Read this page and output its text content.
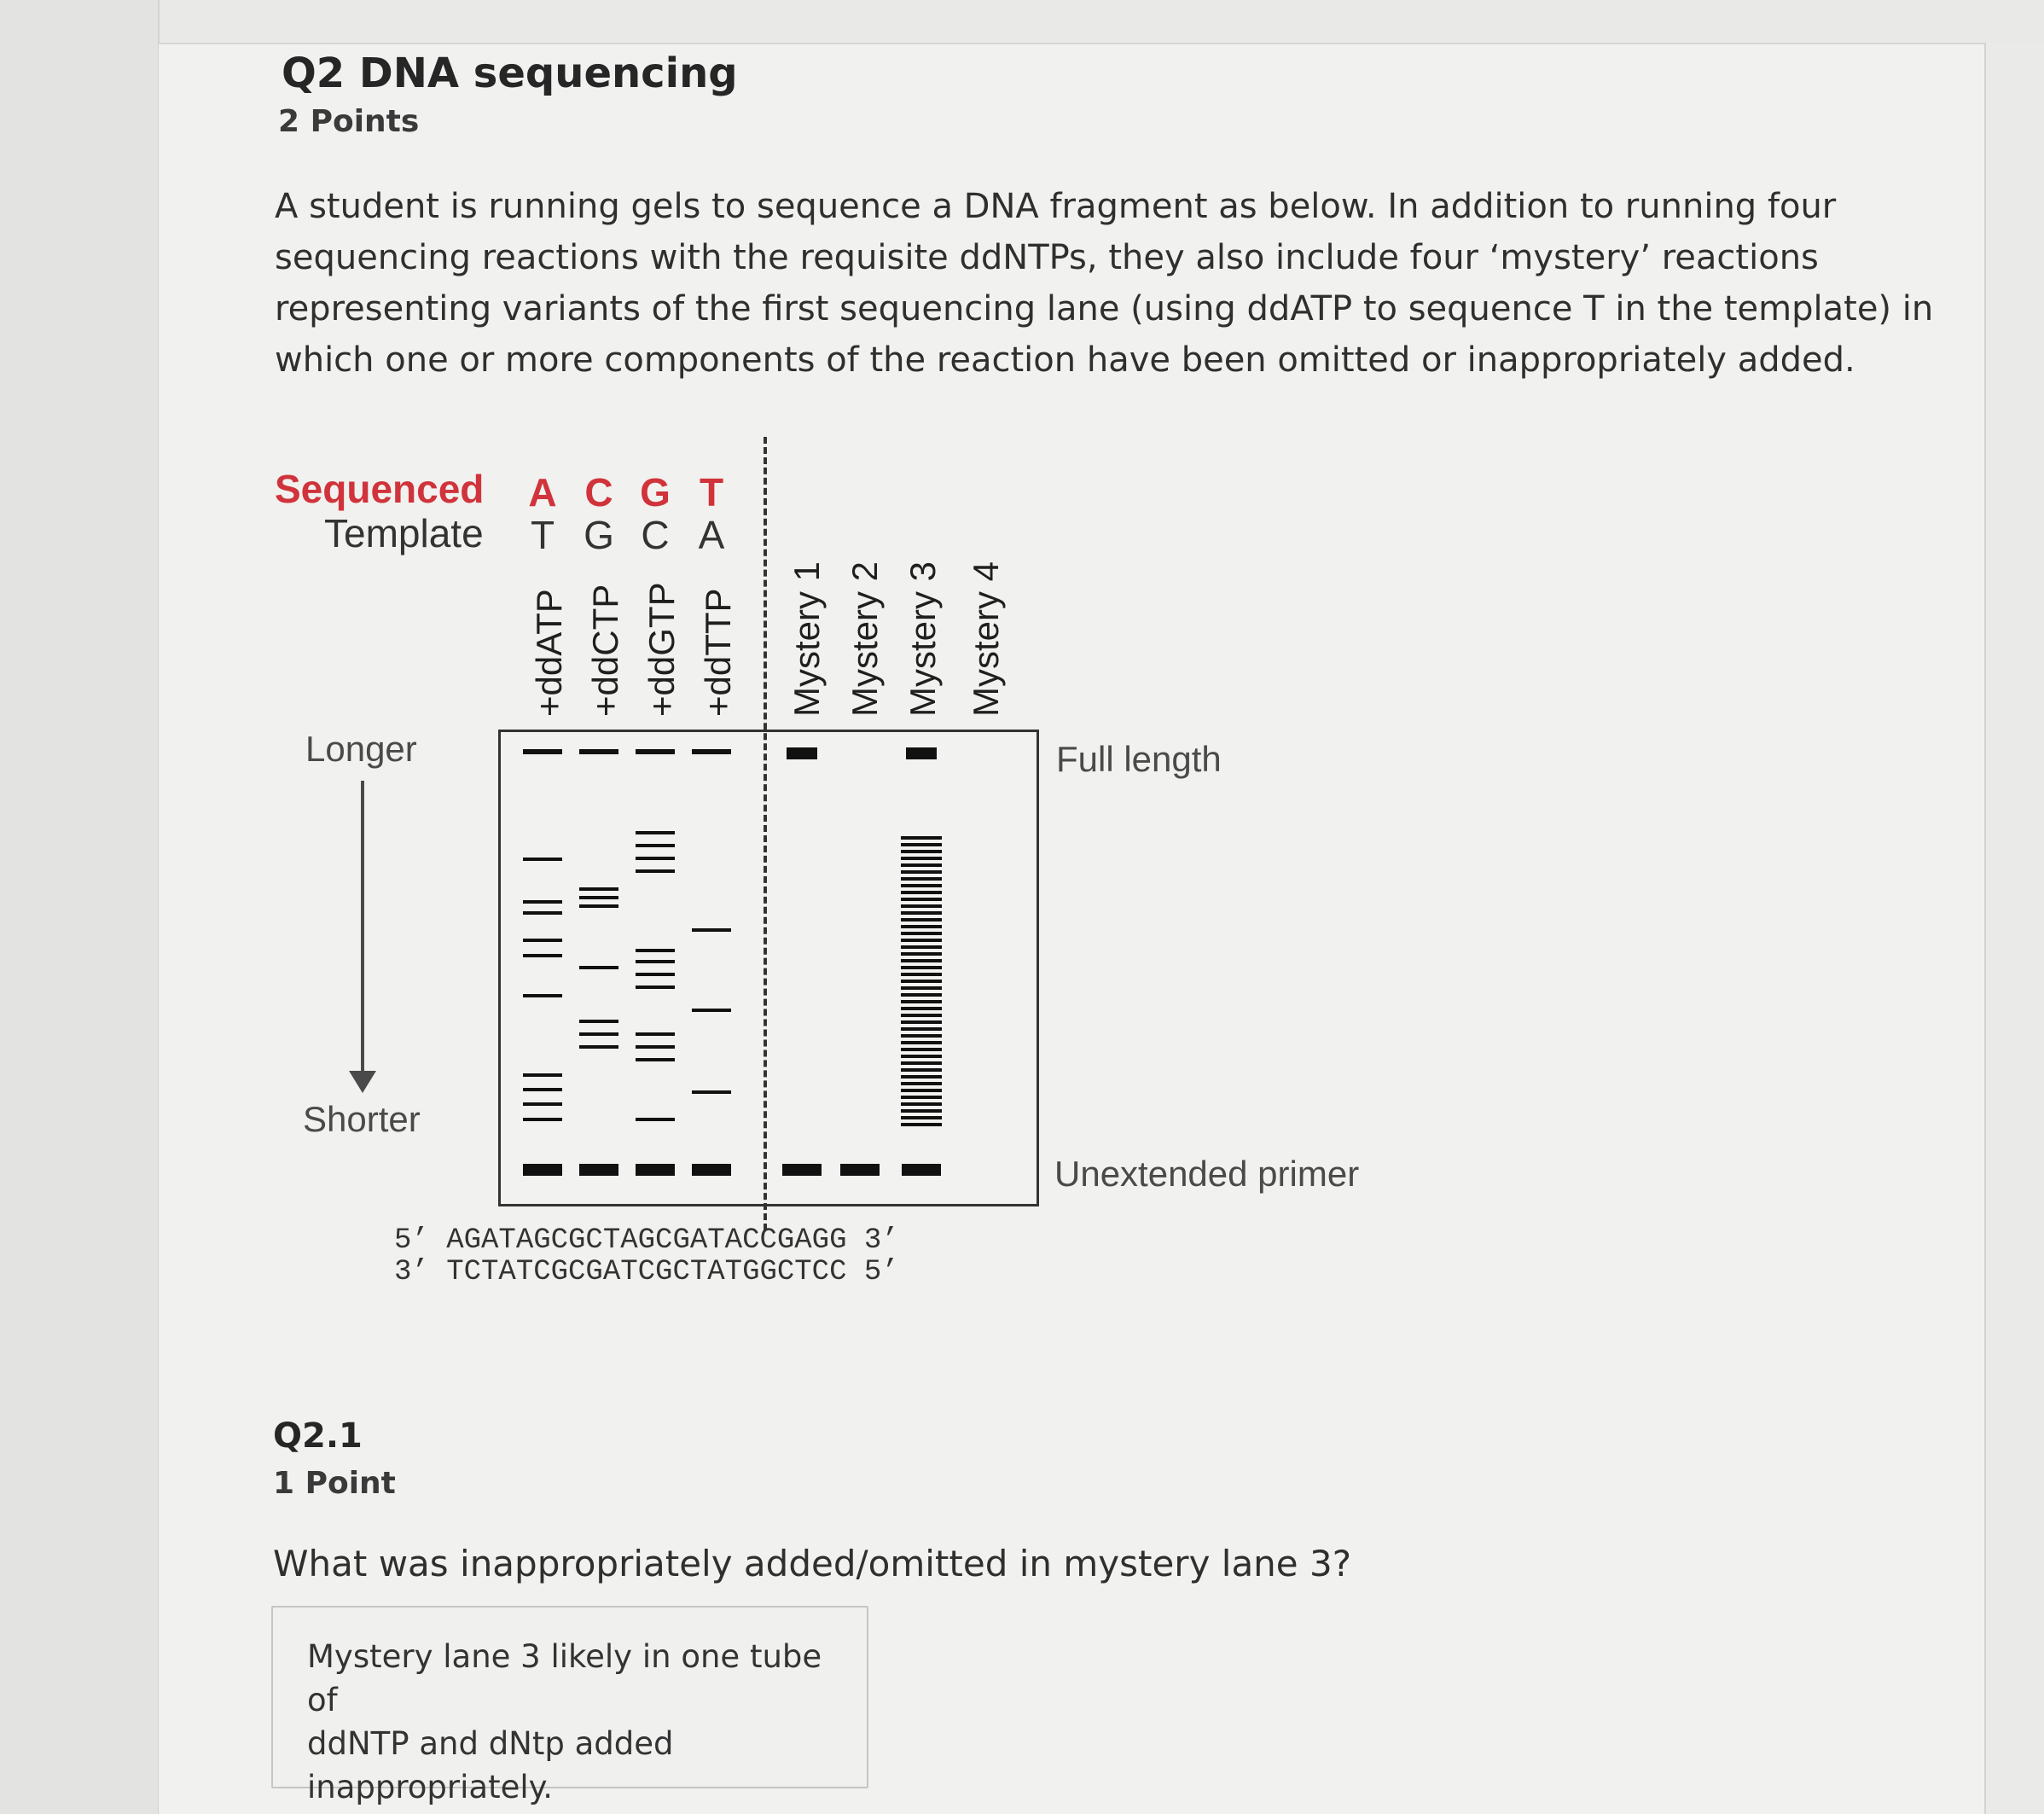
Q2 DNA sequencing
2 Points

A student is running gels to sequence a DNA fragment as below. In addition to running four

sequencing reactions with the requisite ddNTPs, they also include four ‘mystery’ reactions

representing variants of the first sequencing lane (using ddATP to sequence T in the template) in

which one or more components of the reaction have been omitted or inappropriately added.

Sequenced
Template
A C G T
T G C A
+ddATP +ddCTP +ddGTP +ddTTP Mystery 1 Mystery 2 Mystery 3 Mystery 4
Longer
Shorter
Full length
Unextended primer
5’ AGATAGCGCTAGCGATACCGAGG 3’
3’ TCTATCGCGATCGCTATGGCTCC 5’
Q2.1
1 Point
What was inappropriately added/omitted in mystery lane 3?
Mystery lane 3 likely in one tube of
ddNTP and dNtp added
inappropriately.
